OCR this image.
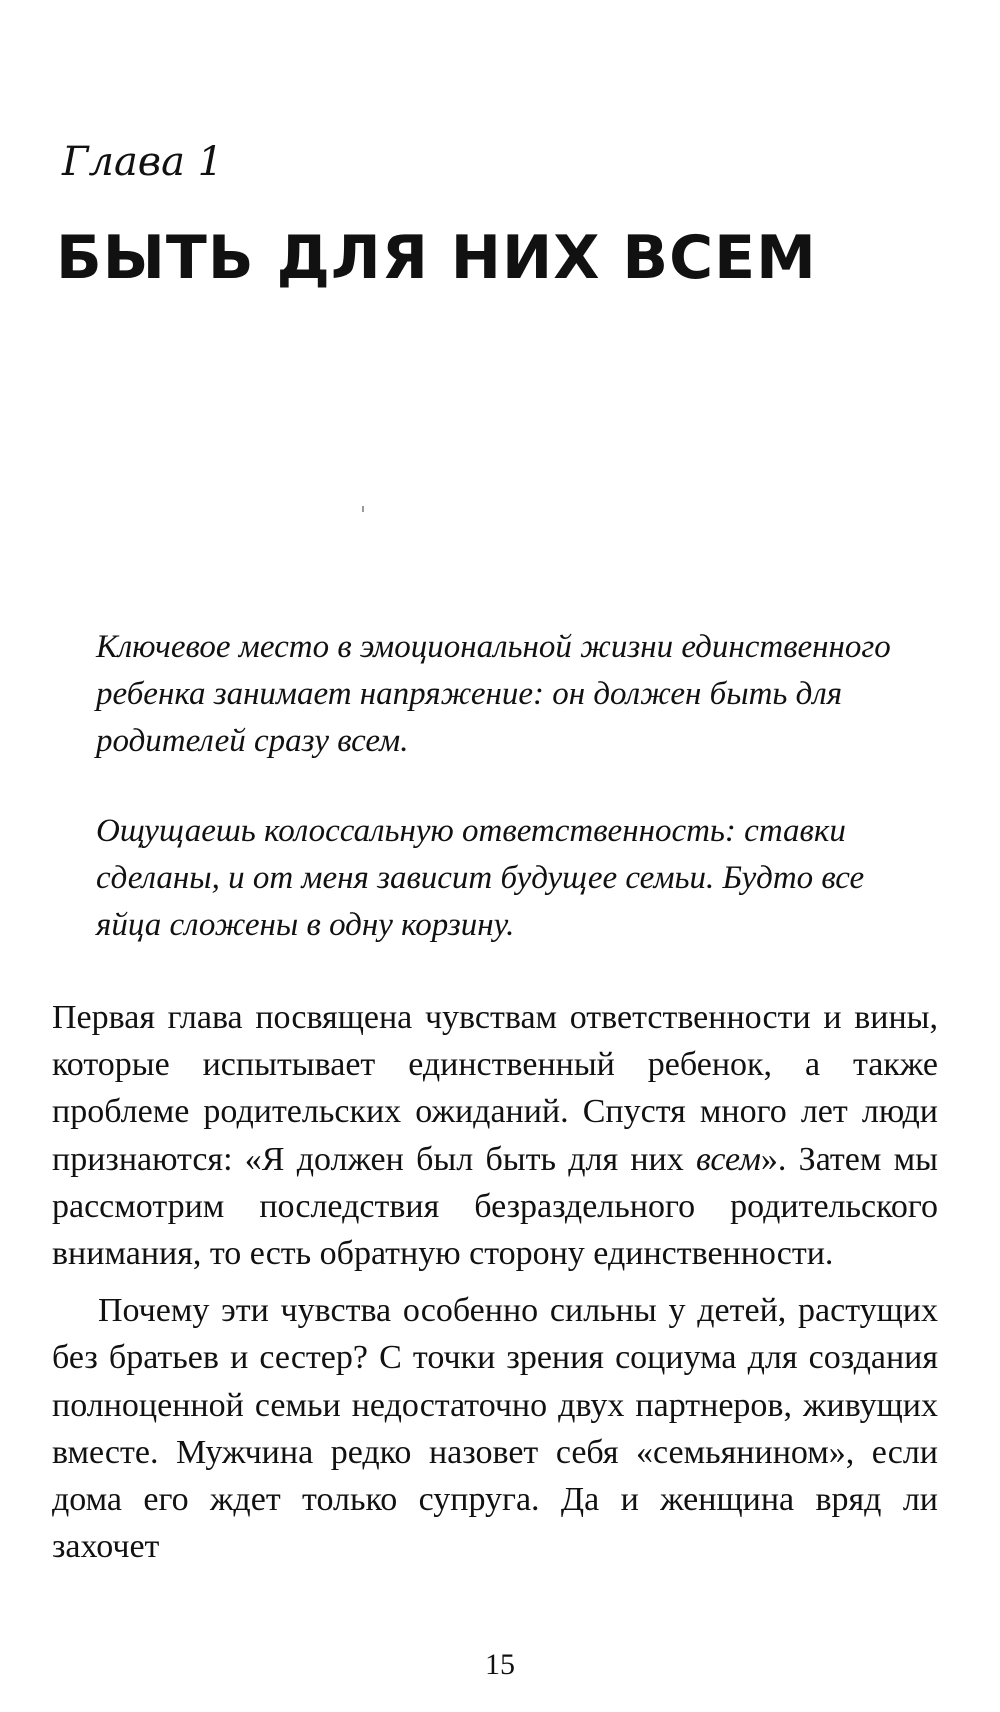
Глава 1
БЫТЬ ДЛЯ НИХ ВСЕМ

Ключевое место в эмоциональной жизни единственного ребенка занимает напряжение: он должен быть для родителей сразу всем.

Ощущаешь колоссальную ответственность: ставки сделаны, и от меня зависит будущее семьи. Будто все яйца сложены в одну корзину.

Первая глава посвящена чувствам ответственности и вины, которые испытывает единственный ребенок, а также проблеме родительских ожиданий. Спустя много лет люди признаются: «Я должен был быть для них всем». Затем мы рассмотрим последствия безраздельного родительского внимания, то есть обратную сторону единственности.

Почему эти чувства особенно сильны у детей, растущих без братьев и сестер? С точки зрения социума для создания полноценной семьи недостаточно двух партнеров, живущих вместе. Мужчина редко назовет себя «семьянином», если дома его ждет только супруга. Да и женщина вряд ли захочет

15
